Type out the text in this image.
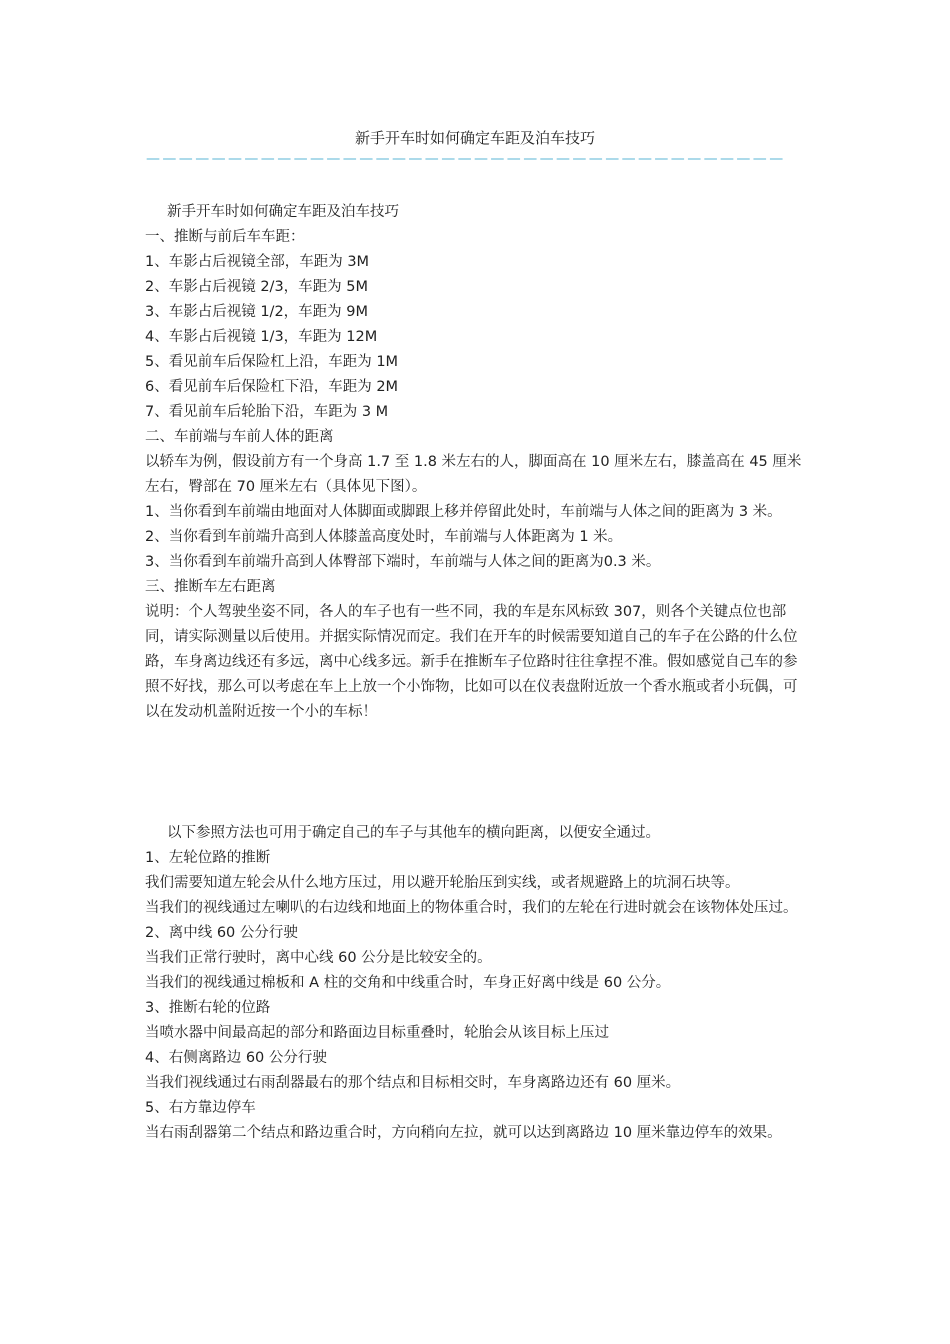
新手开车时如何确定车距及泊车技巧
———————————————————————————————————————

新手开车时如何确定车距及泊车技巧

一、推断与前后车车距：

1、车影占后视镜全部，车距为 3M

2、车影占后视镜 2/3，车距为 5M

3、车影占后视镜 1/2，车距为 9M

4、车影占后视镜 1/3，车距为 12M

5、看见前车后保险杠上沿，车距为 1M

6、看见前车后保险杠下沿，车距为 2M

7、看见前车后轮胎下沿，车距为 3 M

二、车前端与车前人体的距离

以轿车为例，假设前方有一个身高 1.7 至 1.8 米左右的人，脚面高在 10 厘米左右，膝盖高在 45 厘米左右，臀部在 70 厘米左右（具体见下图）。

1、当你看到车前端由地面对人体脚面或脚跟上移并停留此处时，车前端与人体之间的距离为 3 米。

2、当你看到车前端升高到人体膝盖高度处时，车前端与人体距离为 1 米。

3、当你看到车前端升高到人体臀部下端时，车前端与人体之间的距离为0.3 米。

三、推断车左右距离

说明：个人驾驶坐姿不同，各人的车子也有一些不同，我的车是东风标致 307，则各个关键点位也部同，请实际测量以后使用。并据实际情况而定。我们在开车的时候需要知道自己的车子在公路的什么位路，车身离边线还有多远，离中心线多远。新手在推断车子位路时往往拿捏不准。假如感觉自己车的参照不好找，那么可以考虑在车上上放一个小饰物，比如可以在仪表盘附近放一个香水瓶或者小玩偶，可以在发动机盖附近按一个小的车标！

以下参照方法也可用于确定自己的车子与其他车的横向距离，以便安全通过。

1、左轮位路的推断

我们需要知道左轮会从什么地方压过，用以避开轮胎压到实线，或者规避路上的坑洞石块等。

当我们的视线通过左喇叭的右边线和地面上的物体重合时，我们的左轮在行进时就会在该物体处压过。

2、离中线 60 公分行驶

当我们正常行驶时，离中心线 60 公分是比较安全的。

当我们的视线通过棉板和 A 柱的交角和中线重合时，车身正好离中线是 60 公分。

3、推断右轮的位路

当喷水器中间最高起的部分和路面边目标重叠时，轮胎会从该目标上压过

4、右侧离路边 60 公分行驶

当我们视线通过右雨刮器最右的那个结点和目标相交时，车身离路边还有 60 厘米。

5、右方靠边停车

当右雨刮器第二个结点和路边重合时，方向稍向左拉，就可以达到离路边 10 厘米靠边停车的效果。
